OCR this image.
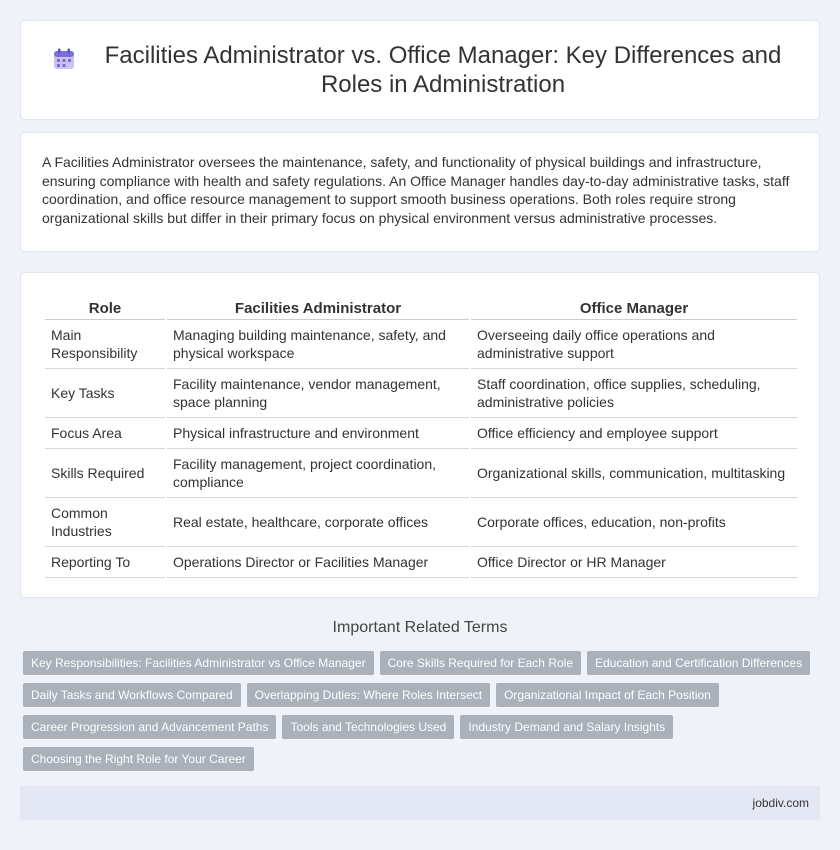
Facilities Administrator vs. Office Manager: Key Differences and Roles in Administration

A Facilities Administrator oversees the maintenance, safety, and functionality of physical buildings and infrastructure, ensuring compliance with health and safety regulations. An Office Manager handles day-to-day administrative tasks, staff coordination, and office resource management to support smooth business operations. Both roles require strong organizational skills but differ in their primary focus on physical environment versus administrative processes.

Role	Facilities Administrator	Office Manager
Main Responsibility	Managing building maintenance, safety, and physical workspace	Overseeing daily office operations and administrative support
Key Tasks	Facility maintenance, vendor management, space planning	Staff coordination, office supplies, scheduling, administrative policies
Focus Area	Physical infrastructure and environment	Office efficiency and employee support
Skills Required	Facility management, project coordination, compliance	Organizational skills, communication, multitasking
Common Industries	Real estate, healthcare, corporate offices	Corporate offices, education, non-profits
Reporting To	Operations Director or Facilities Manager	Office Director or HR Manager
Important Related Terms
Key Responsibilities: Facilities Administrator vs Office Manager	Core Skills Required for Each Role	Education and Certification Differences
Daily Tasks and Workflows Compared	Overlapping Duties: Where Roles Intersect	Organizational Impact of Each Position
Career Progression and Advancement Paths	Tools and Technologies Used	Industry Demand and Salary Insights
Choosing the Right Role for Your Career
jobdiv.com
